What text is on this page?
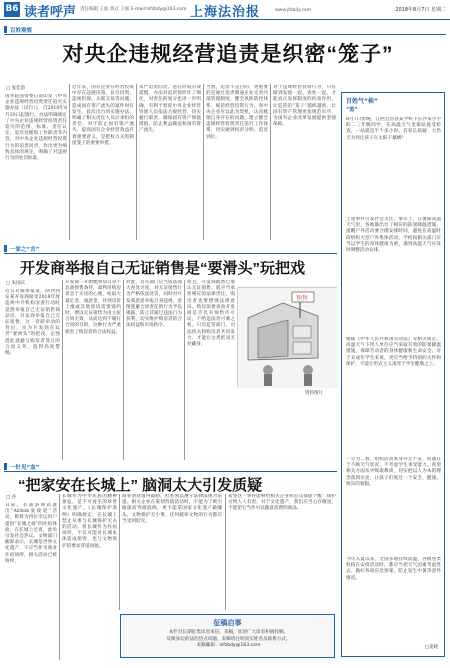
B6 读者呼声 责任编辑 王彪 版式 王媛 E-mail:lsfzbdy@163.com 上海法治报	www.jfdaily.com	2018年8月7日 星期二
百姓观察
对央企违规经营追责是织密“笼子”
□ 张佳韵
国务院国资委日前印发《中央企业违规经营投资责任追究实施办法（试行）》，自2018年8月30日起施行。办法明确规定了中央企业违规经营投资责任追究的范围、标准、责任认定、追究处理和工作职责等内容，对中央企业违规经营投资行为的追责问责，作出更为细致具体的规定，明确了对违规行为的处罚标准。
近年来，国有企业在经营投资中存在违规决策、盲目投资、违规担保、关联交易等问题，造成国有资产流失的案件时有发生。此次出台的实施办法，明确了相关责任人员应承担的责任，对于防止国有资产流失、提高国有企业经营效益有着重要意义，是把权力关进制度笼子的重要举措。
从严追责问责，意在形成有效震慑。办法对追责情形作了细化，对责任的划分也进一步明确，有利于督促中央企业经营管理人员依法合规经营，切实履行职责，确保国有资产保值增值，防止利益输送和国有资产流失。
当然，追责不是目的，更重要的是通过追责倒逼企业完善内部管理制度，健全风险防控体系，规范经营投资行为。各中央企业应以此为契机，认真梳理自身存在的问题，建立健全违规经营投资责任追究工作体系，切实做到权责分明、追责到位。
对于违规经营投资行为，只有做到发现一起、查处一起，才能真正发挥制度的约束作用，让监管的“笼子”越织越密，让国有资产管理更加规范有序，为国有企业改革发展提供坚强保障。
百姓气“候”
“蒸”
8月7日傍晚，江西会昌县某学校下长沙某小学的二三年级同学，在高温天气里排队接受检查，一站就是半个多小时。有家长质疑：大热天为何让孩子在太阳下暴晒？
上述事件引发社会关注。事实上，在暑期高温天气里，各地都出台了相应的防暑降温措施，提醒户外活动要合理安排时间，避免在高温时段组织大型户外集体活动。学校和相关部门应当以学生的身体健康为重，遇到高温天气应及时调整活动安排。
根据《中华人民共和国劳动法》等相关规定，高温天气下用人单位应当采取有效的防暑降温措施，保障劳动者的身体健康和生命安全。对于未成年学生来说，更应当给予特别的关怀和保护，不能让形式主义凌驾于学生健康之上。
一分为二看，组织活动本身并无不妥，问题在于不顾天气状况、不考虑学生承受能力。希望相关方面从中吸取教训，切实把以人为本的理念落到实处，让孩子们度过一个安全、健康、快乐的暑假。
今年入夏以来，全国多地持续高温，各级各类机构在安排活动时，都应当把天气因素考虑进去，做好各项应急预案，防止发生中暑等意外情况。
□姜晓
一家之“言”
开发商举报自己无证销售是“要滑头”玩把戏
□ 朱国庆
近日有媒体报道，陕西西安某开发商接受2018年度违规中介机构清查行动时竟然举报自己无证销售商品房。开发商举报自己无证销售，这一奇葩举动的背后，实为开发商在玩弄“要滑头”的把戏，企图借此逃避与购房者签订的合同义务，值得高度警惕。
开发商一开始便明知自身不具备预售条件，却利用购房者急于买房的心理，收取大量定金、诚意金，待到房价上涨或其他原因需要毁约时，便以无证销售为由主张合同无效，从而达到不履行合同的目的。这种行为严重损害了购房者的合法权益。
对此，有关部门应当依法加大查处力度，对无证销售行为严格依法处罚，同时对开发商恶意举报自身违规、意图逃避合同责任的行为予以揭露，防止其通过违法行为获利，切实维护购房者的合法权益和市场秩序。
而且，开发商既然已承认无证销售，就应当承担相应的法律责任。购房者也要增强法律意识，购房前要查验开发商是否具有预售许可证，不给违法者可乘之机。只有监管部门、司法机关和购房者共同发力，才能让这类把戏无处藏身。
预售
资料图片
一针见“血”
“把家安在长城上” 脑洞太大引发质疑
□ 谷
日前，有旅游网站推出“Airbnb爱彼迎”活动，称将为四位幸运用户提供“长城之夜”的住宿体验，在长城上过夜，此举引发社会热议。文物部门随即表示，长城是世界文化遗产，不应当作为商业住宿场所，相关活动已被叫停。
长城作为中华民族的精神象征，是不可再生的珍贵文化遗产。《长城保护条例》明确规定，在长城上禁止从事与长城保护无关的活动。将长城作为住宿场所，不仅可能对长城本体造成损害，也与文物保护的要求背道而驰。
商业创意值得鼓励，但必须以遵守法律法规为前提。相关企业在策划营销活动时，不能为了吸引眼球而突破底线，更不能拿国家文化遗产做噱头。文物保护无小事，任何破坏文物的行为都应当受到追究。
希望这一事件能够给相关企业和公众都提个醒：保护文物人人有责，对于文化遗产，我们应当心存敬畏，不能把它当作可以随意消费的商品。
征稿启事
本栏目长期征集读者来信、来稿，欢迎广大读者积极投稿，
反映身边的法治热点问题，来稿请注明真实姓名及联系方式。
来稿邮箱：lsfzbdy@163.com
